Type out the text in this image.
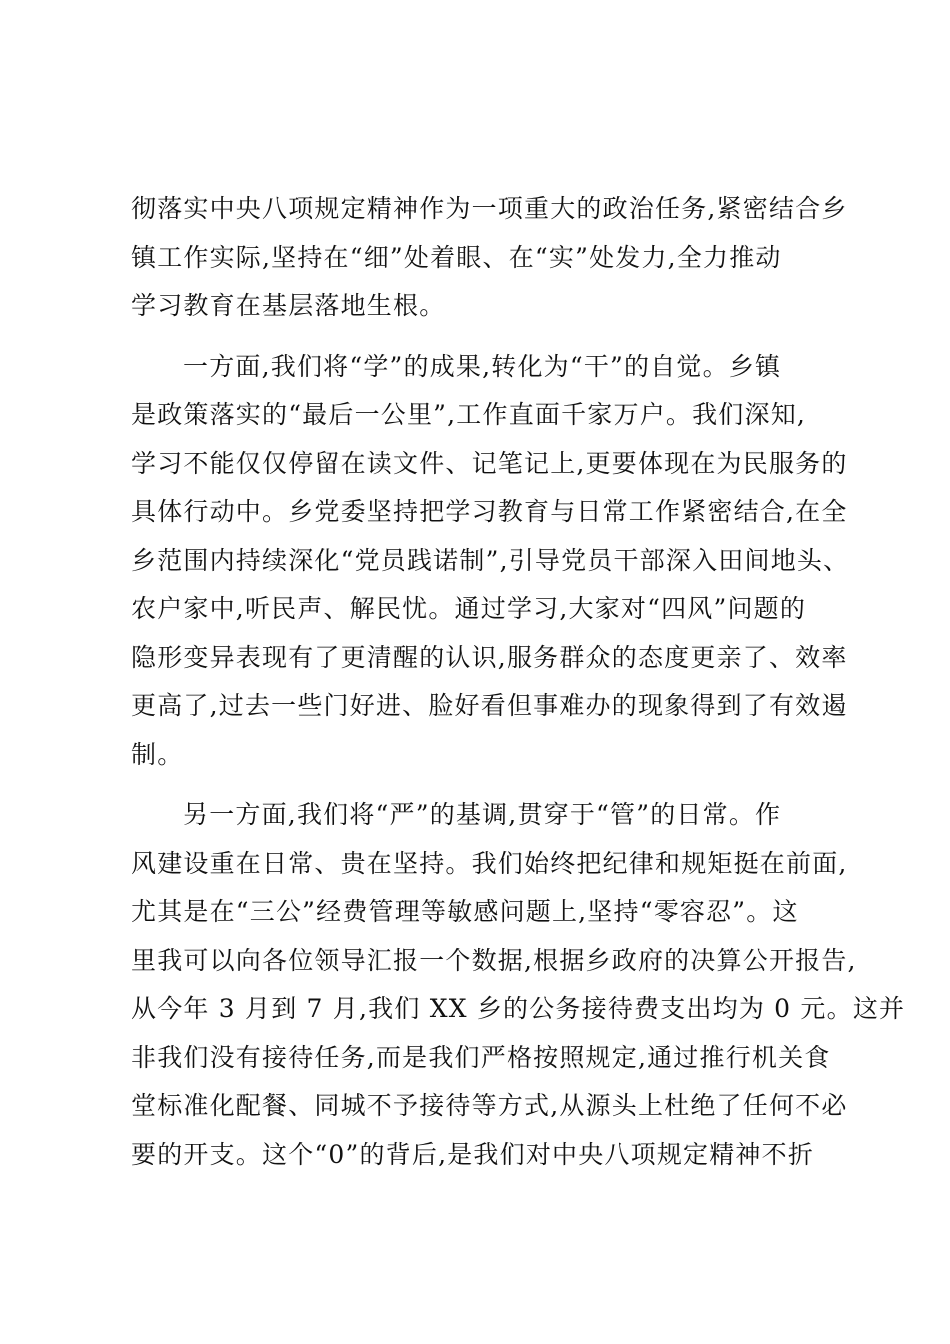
彻落实中央八项规定精神作为一项重大的政治任务,紧密结合乡
镇工作实际,坚持在“细”处着眼、在“实”处发力,全力推动
学习教育在基层落地生根。
一方面,我们将“学”的成果,转化为“干”的自觉。乡镇
是政策落实的“最后一公里”,工作直面千家万户。我们深知,
学习不能仅仅停留在读文件、记笔记上,更要体现在为民服务的
具体行动中。乡党委坚持把学习教育与日常工作紧密结合,在全
乡范围内持续深化“党员践诺制”,引导党员干部深入田间地头、
农户家中,听民声、解民忧。通过学习,大家对“四风”问题的
隐形变异表现有了更清醒的认识,服务群众的态度更亲了、效率
更高了,过去一些门好进、脸好看但事难办的现象得到了有效遏
制。
另一方面,我们将“严”的基调,贯穿于“管”的日常。作
风建设重在日常、贵在坚持。我们始终把纪律和规矩挺在前面,
尤其是在“三公”经费管理等敏感问题上,坚持“零容忍”。这
里我可以向各位领导汇报一个数据,根据乡政府的决算公开报告,
从今年 3 月到 7 月,我们 XX 乡的公务接待费支出均为 0 元。这并
非我们没有接待任务,而是我们严格按照规定,通过推行机关食
堂标准化配餐、同城不予接待等方式,从源头上杜绝了任何不必
要的开支。这个“0”的背后,是我们对中央八项规定精神不折
